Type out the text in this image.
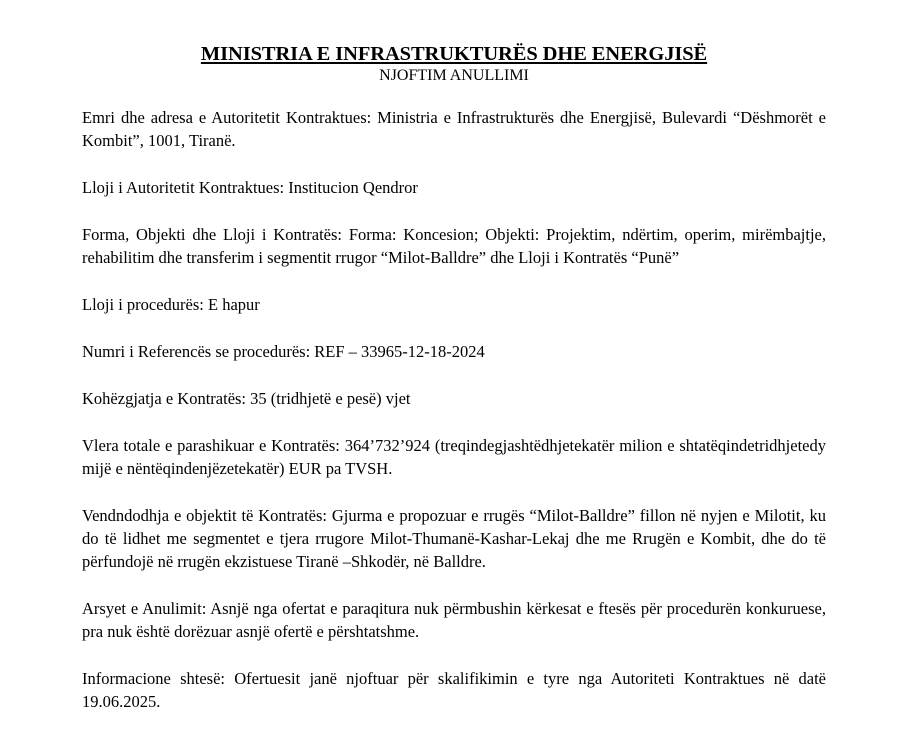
MINISTRIA E INFRASTRUKTURËS DHE ENERGJISË
NJOFTIM ANULLIMI

Emri dhe adresa e Autoritetit Kontraktues: Ministria e Infrastrukturës dhe Energjisë, Bulevardi “Dëshmorët e Kombit”, 1001, Tiranë.

Lloji i Autoritetit Kontraktues: Institucion Qendror

Forma, Objekti dhe Lloji i Kontratës: Forma: Koncesion; Objekti: Projektim, ndërtim, operim, mirëmbajtje, rehabilitim dhe transferim i segmentit rrugor “Milot-Balldre” dhe Lloji i Kontratës “Punë”

Lloji i procedurës: E hapur

Numri i Referencës se procedurës: REF – 33965-12-18-2024

Kohëzgjatja e Kontratës: 35 (tridhjetë e pesë) vjet

Vlera totale e parashikuar e Kontratës: 364’732’924 (treqindegjashtëdhjetekatër milion e shtatëqindetridhjetedy mijë e nëntëqindenjëzetekatër) EUR pa TVSH.

Vendndodhja e objektit të Kontratës: Gjurma e propozuar e rrugës “Milot-Balldre” fillon në nyjen e Milotit, ku do të lidhet me segmentet e tjera rrugore Milot-Thumanë-Kashar-Lekaj dhe me Rrugën e Kombit, dhe do të përfundojë në rrugën ekzistuese Tiranë –Shkodër, në Balldre.

Arsyet e Anulimit: Asnjë nga ofertat e paraqitura nuk përmbushin kërkesat e ftesës për procedurën konkuruese, pra nuk është dorëzuar asnjë ofertë e përshtatshme.

Informacione shtesë: Ofertuesit janë njoftuar për skalifikimin e tyre nga Autoriteti Kontraktues në datë 19.06.2025.
